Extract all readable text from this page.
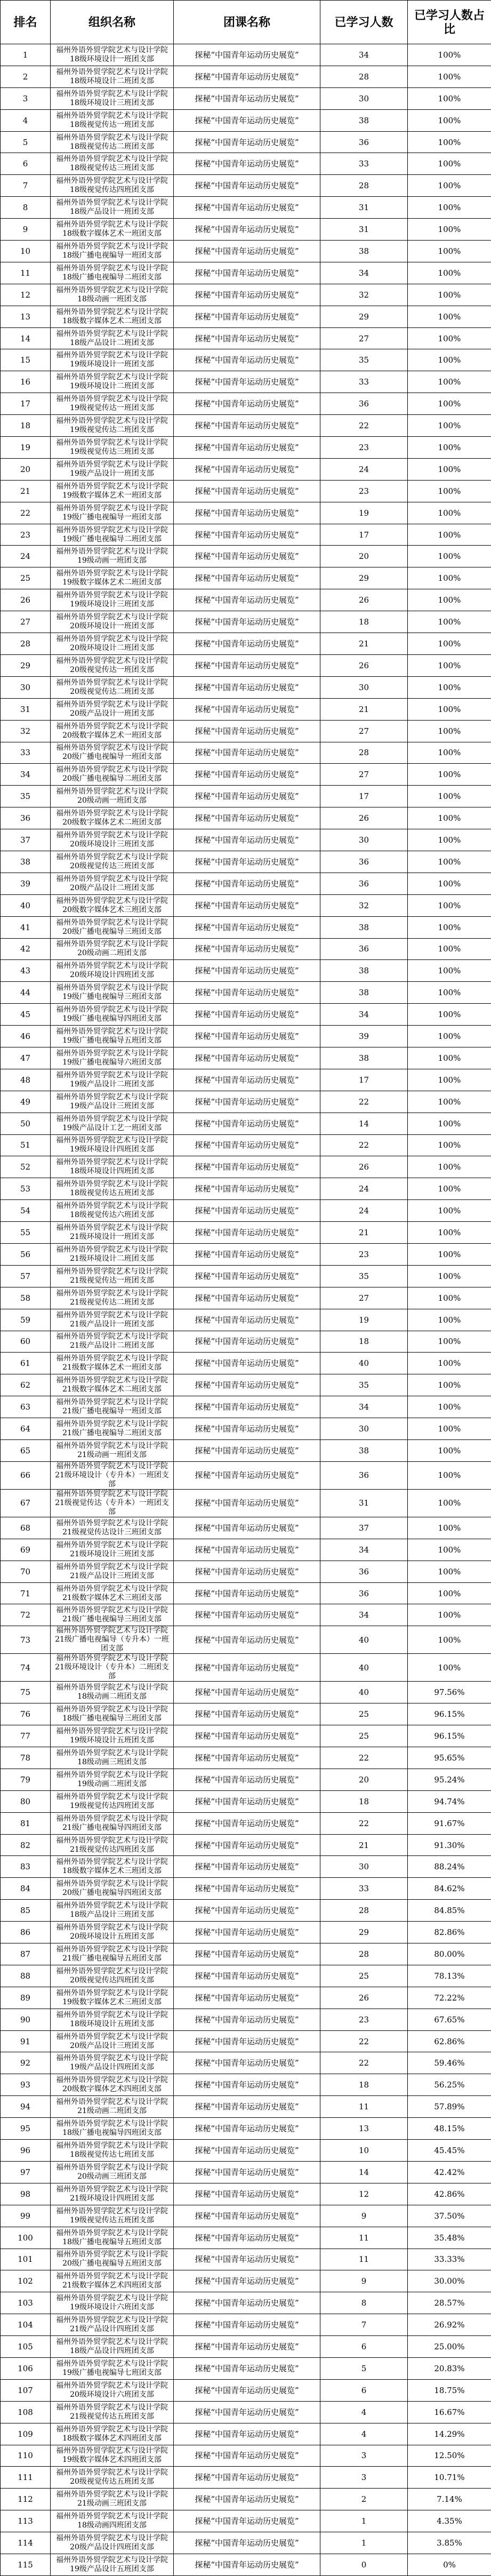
排名	组织名称	团课名称	已学习人数	已学习人数占比
1	福州外语外贸学院艺术与设计学院18级环境设计一班团支部	探秘“中国青年运动历史展览”	34	100%
2	福州外语外贸学院艺术与设计学院18级环境设计二班团支部	探秘“中国青年运动历史展览”	28	100%
3	福州外语外贸学院艺术与设计学院18级环境设计三班团支部	探秘“中国青年运动历史展览”	30	100%
4	福州外语外贸学院艺术与设计学院18级视觉传达一班团支部	探秘“中国青年运动历史展览”	38	100%
5	福州外语外贸学院艺术与设计学院18级视觉传达二班团支部	探秘“中国青年运动历史展览”	36	100%
6	福州外语外贸学院艺术与设计学院18级视觉传达三班团支部	探秘“中国青年运动历史展览”	33	100%
7	福州外语外贸学院艺术与设计学院18级视觉传达四班团支部	探秘“中国青年运动历史展览”	28	100%
8	福州外语外贸学院艺术与设计学院18级产品设计一班团支部	探秘“中国青年运动历史展览”	31	100%
9	福州外语外贸学院艺术与设计学院18级数字媒体艺术一班团支部	探秘“中国青年运动历史展览”	31	100%
10	福州外语外贸学院艺术与设计学院18级广播电视编导一班团支部	探秘“中国青年运动历史展览”	38	100%
11	福州外语外贸学院艺术与设计学院18级广播电视编导二班团支部	探秘“中国青年运动历史展览”	34	100%
12	福州外语外贸学院艺术与设计学院18级动画一班团支部	探秘“中国青年运动历史展览”	32	100%
13	福州外语外贸学院艺术与设计学院18级数字媒体艺术二班团支部	探秘“中国青年运动历史展览”	29	100%
14	福州外语外贸学院艺术与设计学院18级产品设计二班团支部	探秘“中国青年运动历史展览”	27	100%
15	福州外语外贸学院艺术与设计学院19级环境设计一班团支部	探秘“中国青年运动历史展览”	35	100%
16	福州外语外贸学院艺术与设计学院19级环境设计二班团支部	探秘“中国青年运动历史展览”	33	100%
17	福州外语外贸学院艺术与设计学院19级视觉传达一班团支部	探秘“中国青年运动历史展览”	36	100%
18	福州外语外贸学院艺术与设计学院19级视觉传达二班团支部	探秘“中国青年运动历史展览”	22	100%
19	福州外语外贸学院艺术与设计学院19级视觉传达三班团支部	探秘“中国青年运动历史展览”	23	100%
20	福州外语外贸学院艺术与设计学院19级产品设计一班团支部	探秘“中国青年运动历史展览”	24	100%
21	福州外语外贸学院艺术与设计学院19级数字媒体艺术一班团支部	探秘“中国青年运动历史展览”	23	100%
22	福州外语外贸学院艺术与设计学院19级广播电视编导一班团支部	探秘“中国青年运动历史展览”	19	100%
23	福州外语外贸学院艺术与设计学院19级广播电视编导二班团支部	探秘“中国青年运动历史展览”	17	100%
24	福州外语外贸学院艺术与设计学院19级动画一班团支部	探秘“中国青年运动历史展览”	20	100%
25	福州外语外贸学院艺术与设计学院19级数字媒体艺术二班团支部	探秘“中国青年运动历史展览”	29	100%
26	福州外语外贸学院艺术与设计学院19级环境设计三班团支部	探秘“中国青年运动历史展览”	26	100%
27	福州外语外贸学院艺术与设计学院20级环境设计一班团支部	探秘“中国青年运动历史展览”	18	100%
28	福州外语外贸学院艺术与设计学院20级环境设计二班团支部	探秘“中国青年运动历史展览”	21	100%
29	福州外语外贸学院艺术与设计学院20级视觉传达一班团支部	探秘“中国青年运动历史展览”	26	100%
30	福州外语外贸学院艺术与设计学院20级视觉传达二班团支部	探秘“中国青年运动历史展览”	30	100%
31	福州外语外贸学院艺术与设计学院20级产品设计一班团支部	探秘“中国青年运动历史展览”	21	100%
32	福州外语外贸学院艺术与设计学院20级数字媒体艺术一班团支部	探秘“中国青年运动历史展览”	27	100%
33	福州外语外贸学院艺术与设计学院20级广播电视编导一班团支部	探秘“中国青年运动历史展览”	28	100%
34	福州外语外贸学院艺术与设计学院20级广播电视编导二班团支部	探秘“中国青年运动历史展览”	27	100%
35	福州外语外贸学院艺术与设计学院20级动画一班团支部	探秘“中国青年运动历史展览”	17	100%
36	福州外语外贸学院艺术与设计学院20级数字媒体艺术二班团支部	探秘“中国青年运动历史展览”	26	100%
37	福州外语外贸学院艺术与设计学院20级环境设计三班团支部	探秘“中国青年运动历史展览”	30	100%
38	福州外语外贸学院艺术与设计学院20级视觉传达三班团支部	探秘“中国青年运动历史展览”	36	100%
39	福州外语外贸学院艺术与设计学院20级产品设计二班团支部	探秘“中国青年运动历史展览”	36	100%
40	福州外语外贸学院艺术与设计学院20级数字媒体艺术三班团支部	探秘“中国青年运动历史展览”	32	100%
41	福州外语外贸学院艺术与设计学院20级广播电视编导三班团支部	探秘“中国青年运动历史展览”	38	100%
42	福州外语外贸学院艺术与设计学院20级动画二班团支部	探秘“中国青年运动历史展览”	36	100%
43	福州外语外贸学院艺术与设计学院20级环境设计四班团支部	探秘“中国青年运动历史展览”	38	100%
44	福州外语外贸学院艺术与设计学院19级广播电视编导三班团支部	探秘“中国青年运动历史展览”	38	100%
45	福州外语外贸学院艺术与设计学院19级广播电视编导四班团支部	探秘“中国青年运动历史展览”	34	100%
46	福州外语外贸学院艺术与设计学院19级广播电视编导五班团支部	探秘“中国青年运动历史展览”	39	100%
47	福州外语外贸学院艺术与设计学院19级广播电视编导六班团支部	探秘“中国青年运动历史展览”	38	100%
48	福州外语外贸学院艺术与设计学院19级产品设计二班团支部	探秘“中国青年运动历史展览”	17	100%
49	福州外语外贸学院艺术与设计学院19级产品设计三班团支部	探秘“中国青年运动历史展览”	22	100%
50	福州外语外贸学院艺术与设计学院19级产品设计工艺一班团支部	探秘“中国青年运动历史展览”	14	100%
51	福州外语外贸学院艺术与设计学院19级环境设计四班团支部	探秘“中国青年运动历史展览”	22	100%
52	福州外语外贸学院艺术与设计学院18级环境设计四班团支部	探秘“中国青年运动历史展览”	26	100%
53	福州外语外贸学院艺术与设计学院18级视觉传达五班团支部	探秘“中国青年运动历史展览”	24	100%
54	福州外语外贸学院艺术与设计学院18级视觉传达六班团支部	探秘“中国青年运动历史展览”	24	100%
55	福州外语外贸学院艺术与设计学院21级环境设计一班团支部	探秘“中国青年运动历史展览”	21	100%
56	福州外语外贸学院艺术与设计学院21级环境设计二班团支部	探秘“中国青年运动历史展览”	23	100%
57	福州外语外贸学院艺术与设计学院21级视觉传达一班团支部	探秘“中国青年运动历史展览”	35	100%
58	福州外语外贸学院艺术与设计学院21级视觉传达二班团支部	探秘“中国青年运动历史展览”	27	100%
59	福州外语外贸学院艺术与设计学院21级产品设计一班团支部	探秘“中国青年运动历史展览”	19	100%
60	福州外语外贸学院艺术与设计学院21级产品设计二班团支部	探秘“中国青年运动历史展览”	18	100%
61	福州外语外贸学院艺术与设计学院21级数字媒体艺术一班团支部	探秘“中国青年运动历史展览”	40	100%
62	福州外语外贸学院艺术与设计学院21级数字媒体艺术二班团支部	探秘“中国青年运动历史展览”	35	100%
63	福州外语外贸学院艺术与设计学院21级广播电视编导一班团支部	探秘“中国青年运动历史展览”	34	100%
64	福州外语外贸学院艺术与设计学院21级广播电视编导二班团支部	探秘“中国青年运动历史展览”	30	100%
65	福州外语外贸学院艺术与设计学院21级动画一班团支部	探秘“中国青年运动历史展览”	38	100%
66	福州外语外贸学院艺术与设计学院21级环境设计（专升本）一班团支部	探秘“中国青年运动历史展览”	36	100%
67	福州外语外贸学院艺术与设计学院21级视觉传达（专升本）一班团支部	探秘“中国青年运动历史展览”	31	100%
68	福州外语外贸学院艺术与设计学院21级视觉传达设计三班团支部	探秘“中国青年运动历史展览”	37	100%
69	福州外语外贸学院艺术与设计学院21级环境设计三班团支部	探秘“中国青年运动历史展览”	34	100%
70	福州外语外贸学院艺术与设计学院21级产品设计三班团支部	探秘“中国青年运动历史展览”	36	100%
71	福州外语外贸学院艺术与设计学院21级数字媒体艺术三班团支部	探秘“中国青年运动历史展览”	36	100%
72	福州外语外贸学院艺术与设计学院21级广播电视编导三班团支部	探秘“中国青年运动历史展览”	34	100%
73	福州外语外贸学院艺术与设计学院21级广播电视编导（专升本）一班团支部	探秘“中国青年运动历史展览”	40	100%
74	福州外语外贸学院艺术与设计学院21级环境设计（专升本）二班团支部	探秘“中国青年运动历史展览”	40	100%
75	福州外语外贸学院艺术与设计学院18级动画二班团支部	探秘“中国青年运动历史展览”	40	97.56%
76	福州外语外贸学院艺术与设计学院18级广播电视编导三班团支部	探秘“中国青年运动历史展览”	25	96.15%
77	福州外语外贸学院艺术与设计学院19级环境设计五班团支部	探秘“中国青年运动历史展览”	25	96.15%
78	福州外语外贸学院艺术与设计学院18级动画三班团支部	探秘“中国青年运动历史展览”	22	95.65%
79	福州外语外贸学院艺术与设计学院19级动画二班团支部	探秘“中国青年运动历史展览”	20	95.24%
80	福州外语外贸学院艺术与设计学院19级视觉传达四班团支部	探秘“中国青年运动历史展览”	18	94.74%
81	福州外语外贸学院艺术与设计学院21级广播电视编导四班团支部	探秘“中国青年运动历史展览”	22	91.67%
82	福州外语外贸学院艺术与设计学院21级视觉传达四班团支部	探秘“中国青年运动历史展览”	21	91.30%
83	福州外语外贸学院艺术与设计学院18级数字媒体艺术三班团支部	探秘“中国青年运动历史展览”	30	88.24%
84	福州外语外贸学院艺术与设计学院20级广播电视编导四班团支部	探秘“中国青年运动历史展览”	33	84.62%
85	福州外语外贸学院艺术与设计学院18级产品设计三班团支部	探秘“中国青年运动历史展览”	28	84.85%
86	福州外语外贸学院艺术与设计学院20级环境设计五班团支部	探秘“中国青年运动历史展览”	29	82.86%
87	福州外语外贸学院艺术与设计学院21级广播电视编导五班团支部	探秘“中国青年运动历史展览”	28	80.00%
88	福州外语外贸学院艺术与设计学院20级视觉传达四班团支部	探秘“中国青年运动历史展览”	25	78.13%
89	福州外语外贸学院艺术与设计学院19级数字媒体艺术三班团支部	探秘“中国青年运动历史展览”	26	72.22%
90	福州外语外贸学院艺术与设计学院18级环境设计五班团支部	探秘“中国青年运动历史展览”	23	67.65%
91	福州外语外贸学院艺术与设计学院20级产品设计三班团支部	探秘“中国青年运动历史展览”	22	62.86%
92	福州外语外贸学院艺术与设计学院19级产品设计四班团支部	探秘“中国青年运动历史展览”	22	59.46%
93	福州外语外贸学院艺术与设计学院20级数字媒体艺术四班团支部	探秘“中国青年运动历史展览”	18	56.25%
94	福州外语外贸学院艺术与设计学院21级动画二班团支部	探秘“中国青年运动历史展览”	11	57.89%
95	福州外语外贸学院艺术与设计学院18级广播电视编导四班团支部	探秘“中国青年运动历史展览”	13	48.15%
96	福州外语外贸学院艺术与设计学院18级视觉传达七班团支部	探秘“中国青年运动历史展览”	10	45.45%
97	福州外语外贸学院艺术与设计学院20级动画三班团支部	探秘“中国青年运动历史展览”	14	42.42%
98	福州外语外贸学院艺术与设计学院21级环境设计四班团支部	探秘“中国青年运动历史展览”	12	42.86%
99	福州外语外贸学院艺术与设计学院19级视觉传达五班团支部	探秘“中国青年运动历史展览”	9	37.50%
100	福州外语外贸学院艺术与设计学院18级广播电视编导五班团支部	探秘“中国青年运动历史展览”	11	35.48%
101	福州外语外贸学院艺术与设计学院20级广播电视编导五班团支部	探秘“中国青年运动历史展览”	11	33.33%
102	福州外语外贸学院艺术与设计学院21级数字媒体艺术四班团支部	探秘“中国青年运动历史展览”	9	30.00%
103	福州外语外贸学院艺术与设计学院19级环境设计六班团支部	探秘“中国青年运动历史展览”	8	28.57%
104	福州外语外贸学院艺术与设计学院21级产品设计四班团支部	探秘“中国青年运动历史展览”	7	26.92%
105	福州外语外贸学院艺术与设计学院18级产品设计四班团支部	探秘“中国青年运动历史展览”	6	25.00%
106	福州外语外贸学院艺术与设计学院19级广播电视编导七班团支部	探秘“中国青年运动历史展览”	5	20.83%
107	福州外语外贸学院艺术与设计学院20级环境设计六班团支部	探秘“中国青年运动历史展览”	6	18.75%
108	福州外语外贸学院艺术与设计学院21级视觉传达五班团支部	探秘“中国青年运动历史展览”	4	16.67%
109	福州外语外贸学院艺术与设计学院18级数字媒体艺术四班团支部	探秘“中国青年运动历史展览”	4	14.29%
110	福州外语外贸学院艺术与设计学院19级数字媒体艺术四班团支部	探秘“中国青年运动历史展览”	3	12.50%
111	福州外语外贸学院艺术与设计学院20级视觉传达五班团支部	探秘“中国青年运动历史展览”	3	10.71%
112	福州外语外贸学院艺术与设计学院21级动画三班团支部	探秘“中国青年运动历史展览”	2	7.14%
113	福州外语外贸学院艺术与设计学院18级动画四班团支部	探秘“中国青年运动历史展览”	1	4.35%
114	福州外语外贸学院艺术与设计学院20级产品设计四班团支部	探秘“中国青年运动历史展览”	1	3.85%
115	福州外语外贸学院艺术与设计学院19级产品设计五班团支部	探秘“中国青年运动历史展览”	0	0%
